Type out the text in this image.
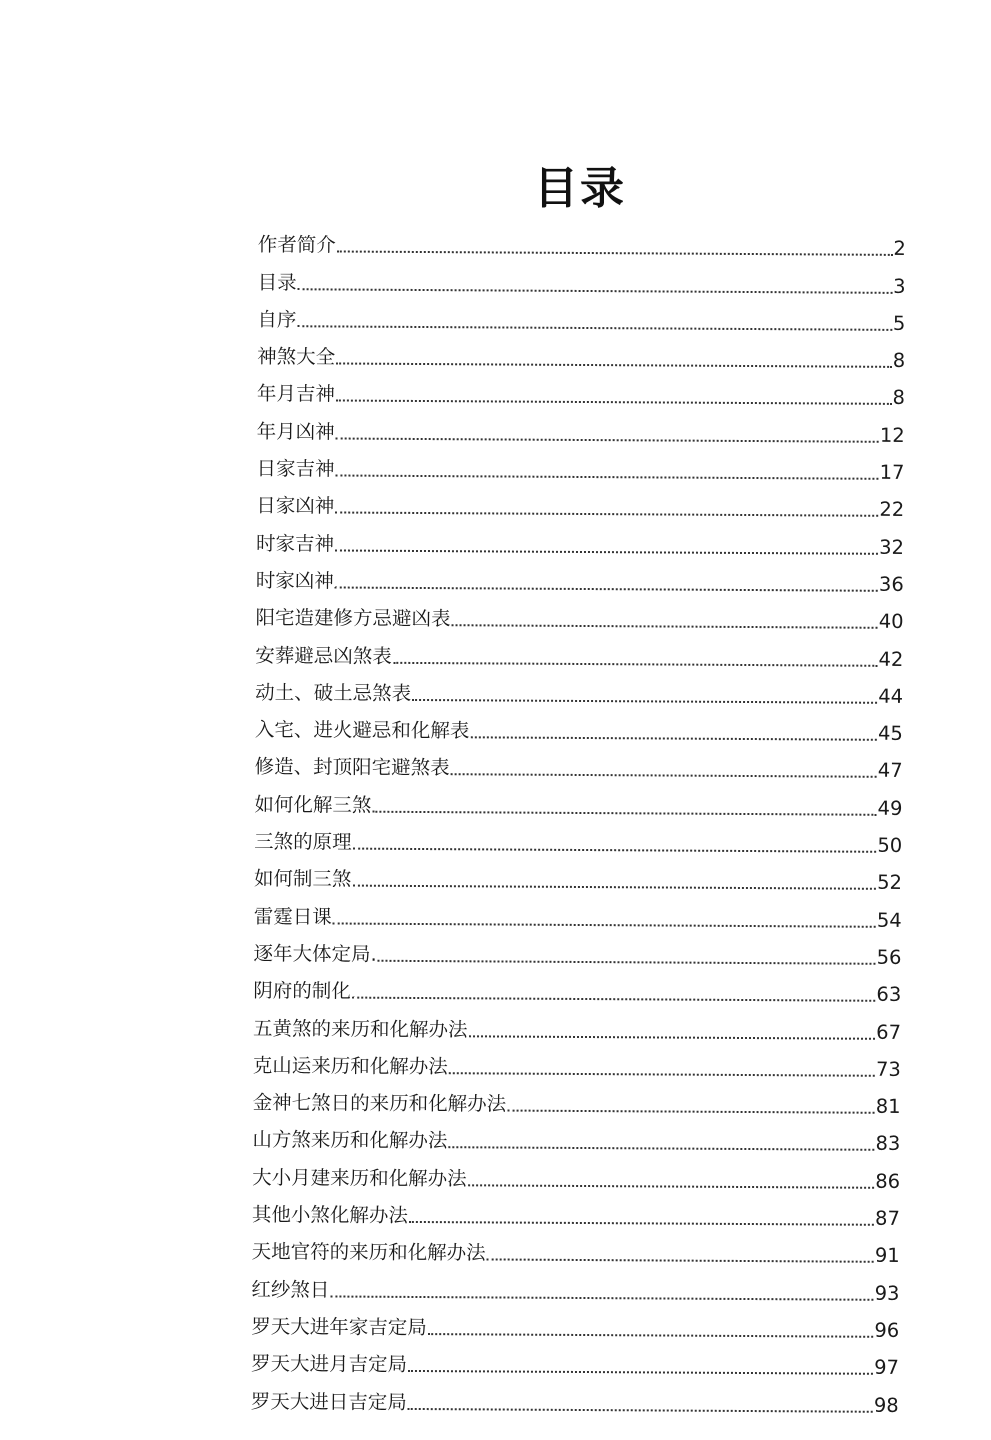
目录
作者简介	2
目录	3
自序	5
神煞大全	8
年月吉神	8
年月凶神	12
日家吉神	17
日家凶神	22
时家吉神	32
时家凶神	36
阳宅造建修方忌避凶表	40
安葬避忌凶煞表	42
动土、破土忌煞表	44
入宅、进火避忌和化解表	45
修造、封顶阳宅避煞表	47
如何化解三煞	49
三煞的原理	50
如何制三煞	52
雷霆日课	54
逐年大体定局.	56
阴府的制化	63
五黄煞的来历和化解办法	67
克山运来历和化解办法	73
金神七煞日的来历和化解办法	81
山方煞来历和化解办法	83
大小月建来历和化解办法	86
其他小煞化解办法	87
天地官符的来历和化解办法	91
红纱煞日	93
罗天大进年家吉定局	96
罗天大进月吉定局	97
罗天大进日吉定局	98
